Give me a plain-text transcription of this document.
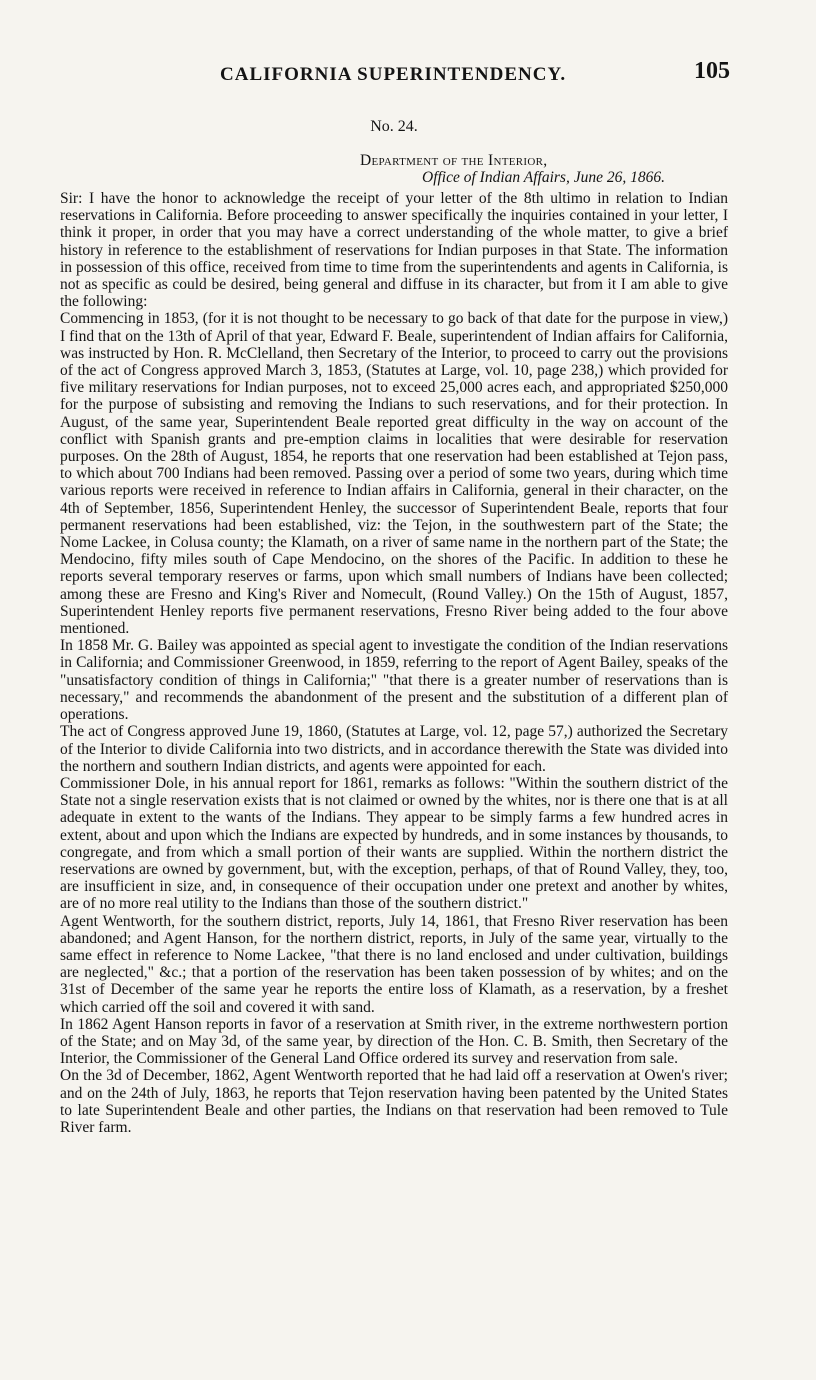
CALIFORNIA SUPERINTENDENCY.	105
No. 24.
Department of the Interior,
Office of Indian Affairs, June 26, 1866.

Sir: I have the honor to acknowledge the receipt of your letter of the 8th ultimo in relation to Indian reservations in California. Before proceeding to answer specifically the inquiries contained in your letter, I think it proper, in order that you may have a correct understanding of the whole matter, to give a brief history in reference to the establishment of reservations for Indian purposes in that State. The information in possession of this office, received from time to time from the superintendents and agents in California, is not as specific as could be desired, being general and diffuse in its character, but from it I am able to give the following:

Commencing in 1853, (for it is not thought to be necessary to go back of that date for the purpose in view,) I find that on the 13th of April of that year, Edward F. Beale, superintendent of Indian affairs for California, was instructed by Hon. R. McClelland, then Secretary of the Interior, to proceed to carry out the provisions of the act of Congress approved March 3, 1853, (Statutes at Large, vol. 10, page 238,) which provided for five military reservations for Indian purposes, not to exceed 25,000 acres each, and appropriated $250,000 for the purpose of subsisting and removing the Indians to such reservations, and for their protection. In August, of the same year, Superintendent Beale reported great difficulty in the way on account of the conflict with Spanish grants and pre-emption claims in localities that were desirable for reservation purposes. On the 28th of August, 1854, he reports that one reservation had been established at Tejon pass, to which about 700 Indians had been removed. Passing over a period of some two years, during which time various reports were received in reference to Indian affairs in California, general in their character, on the 4th of September, 1856, Superintendent Henley, the successor of Superintendent Beale, reports that four permanent reservations had been established, viz: the Tejon, in the southwestern part of the State; the Nome Lackee, in Colusa county; the Klamath, on a river of same name in the northern part of the State; the Mendocino, fifty miles south of Cape Mendocino, on the shores of the Pacific. In addition to these he reports several temporary reserves or farms, upon which small numbers of Indians have been collected; among these are Fresno and King's River and Nomecult, (Round Valley.) On the 15th of August, 1857, Superintendent Henley reports five permanent reservations, Fresno River being added to the four above mentioned.

In 1858 Mr. G. Bailey was appointed as special agent to investigate the condition of the Indian reservations in California; and Commissioner Greenwood, in 1859, referring to the report of Agent Bailey, speaks of the "unsatisfactory condition of things in California;" "that there is a greater number of reservations than is necessary," and recommends the abandonment of the present and the substitution of a different plan of operations.

The act of Congress approved June 19, 1860, (Statutes at Large, vol. 12, page 57,) authorized the Secretary of the Interior to divide California into two districts, and in accordance therewith the State was divided into the northern and southern Indian districts, and agents were appointed for each.

Commissioner Dole, in his annual report for 1861, remarks as follows: "Within the southern district of the State not a single reservation exists that is not claimed or owned by the whites, nor is there one that is at all adequate in extent to the wants of the Indians. They appear to be simply farms a few hundred acres in extent, about and upon which the Indians are expected by hundreds, and in some instances by thousands, to congregate, and from which a small portion of their wants are supplied. Within the northern district the reservations are owned by government, but, with the exception, perhaps, of that of Round Valley, they, too, are insufficient in size, and, in consequence of their occupation under one pretext and another by whites, are of no more real utility to the Indians than those of the southern district."

Agent Wentworth, for the southern district, reports, July 14, 1861, that Fresno River reservation has been abandoned; and Agent Hanson, for the northern district, reports, in July of the same year, virtually to the same effect in reference to Nome Lackee, "that there is no land enclosed and under cultivation, buildings are neglected," &c.; that a portion of the reservation has been taken possession of by whites; and on the 31st of December of the same year he reports the entire loss of Klamath, as a reservation, by a freshet which carried off the soil and covered it with sand.

In 1862 Agent Hanson reports in favor of a reservation at Smith river, in the extreme northwestern portion of the State; and on May 3d, of the same year, by direction of the Hon. C. B. Smith, then Secretary of the Interior, the Commissioner of the General Land Office ordered its survey and reservation from sale.

On the 3d of December, 1862, Agent Wentworth reported that he had laid off a reservation at Owen's river; and on the 24th of July, 1863, he reports that Tejon reservation having been patented by the United States to late Superintendent Beale and other parties, the Indians on that reservation had been removed to Tule River farm.
